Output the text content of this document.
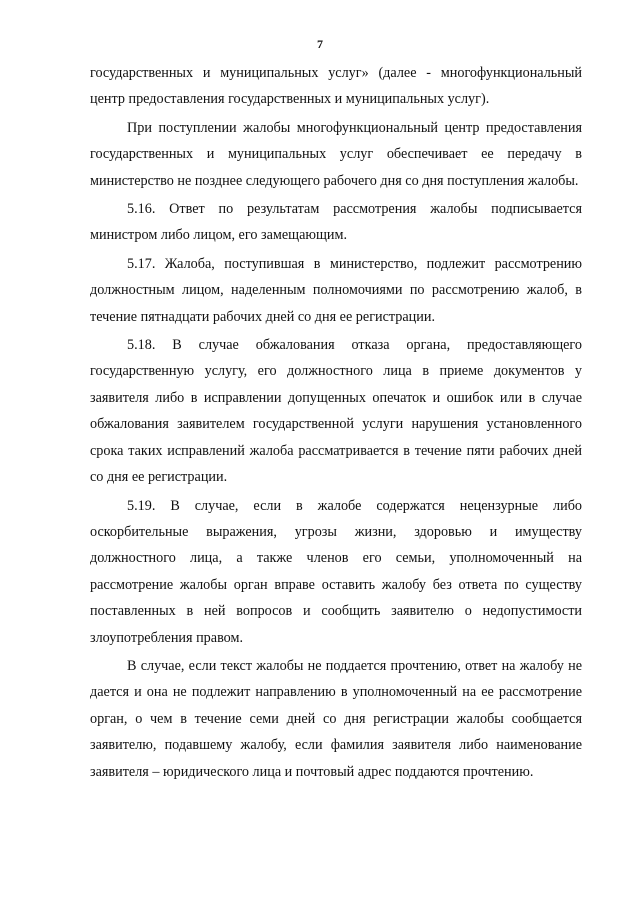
7

государственных и муниципальных услуг» (далее - многофункциональный центр предоставления государственных и муниципальных услуг).

При поступлении жалобы многофункциональный центр предоставления государственных и муниципальных услуг обеспечивает ее передачу в министерство не позднее следующего рабочего дня со дня поступления жалобы.

5.16. Ответ по результатам рассмотрения жалобы подписывается министром либо лицом, его замещающим.

5.17. Жалоба, поступившая в министерство, подлежит рассмотрению должностным лицом, наделенным полномочиями по рассмотрению жалоб, в течение пятнадцати рабочих дней со дня ее регистрации.

5.18. В случае обжалования отказа органа, предоставляющего государственную услугу, его должностного лица в приеме документов у заявителя либо в исправлении допущенных опечаток и ошибок или в случае обжалования заявителем государственной услуги нарушения установленного срока таких исправлений жалоба рассматривается в течение пяти рабочих дней со дня ее регистрации.

5.19. В случае, если в жалобе содержатся нецензурные либо оскорбительные выражения, угрозы жизни, здоровью и имуществу должностного лица, а также членов его семьи, уполномоченный на рассмотрение жалобы орган вправе оставить жалобу без ответа по существу поставленных в ней вопросов и сообщить заявителю о недопустимости злоупотребления правом.

В случае, если текст жалобы не поддается прочтению, ответ на жалобу не дается и она не подлежит направлению в уполномоченный на ее рассмотрение орган, о чем в течение семи дней со дня регистрации жалобы сообщается заявителю, подавшему жалобу, если фамилия заявителя либо наименование заявителя – юридического лица и почтовый адрес поддаются прочтению.
